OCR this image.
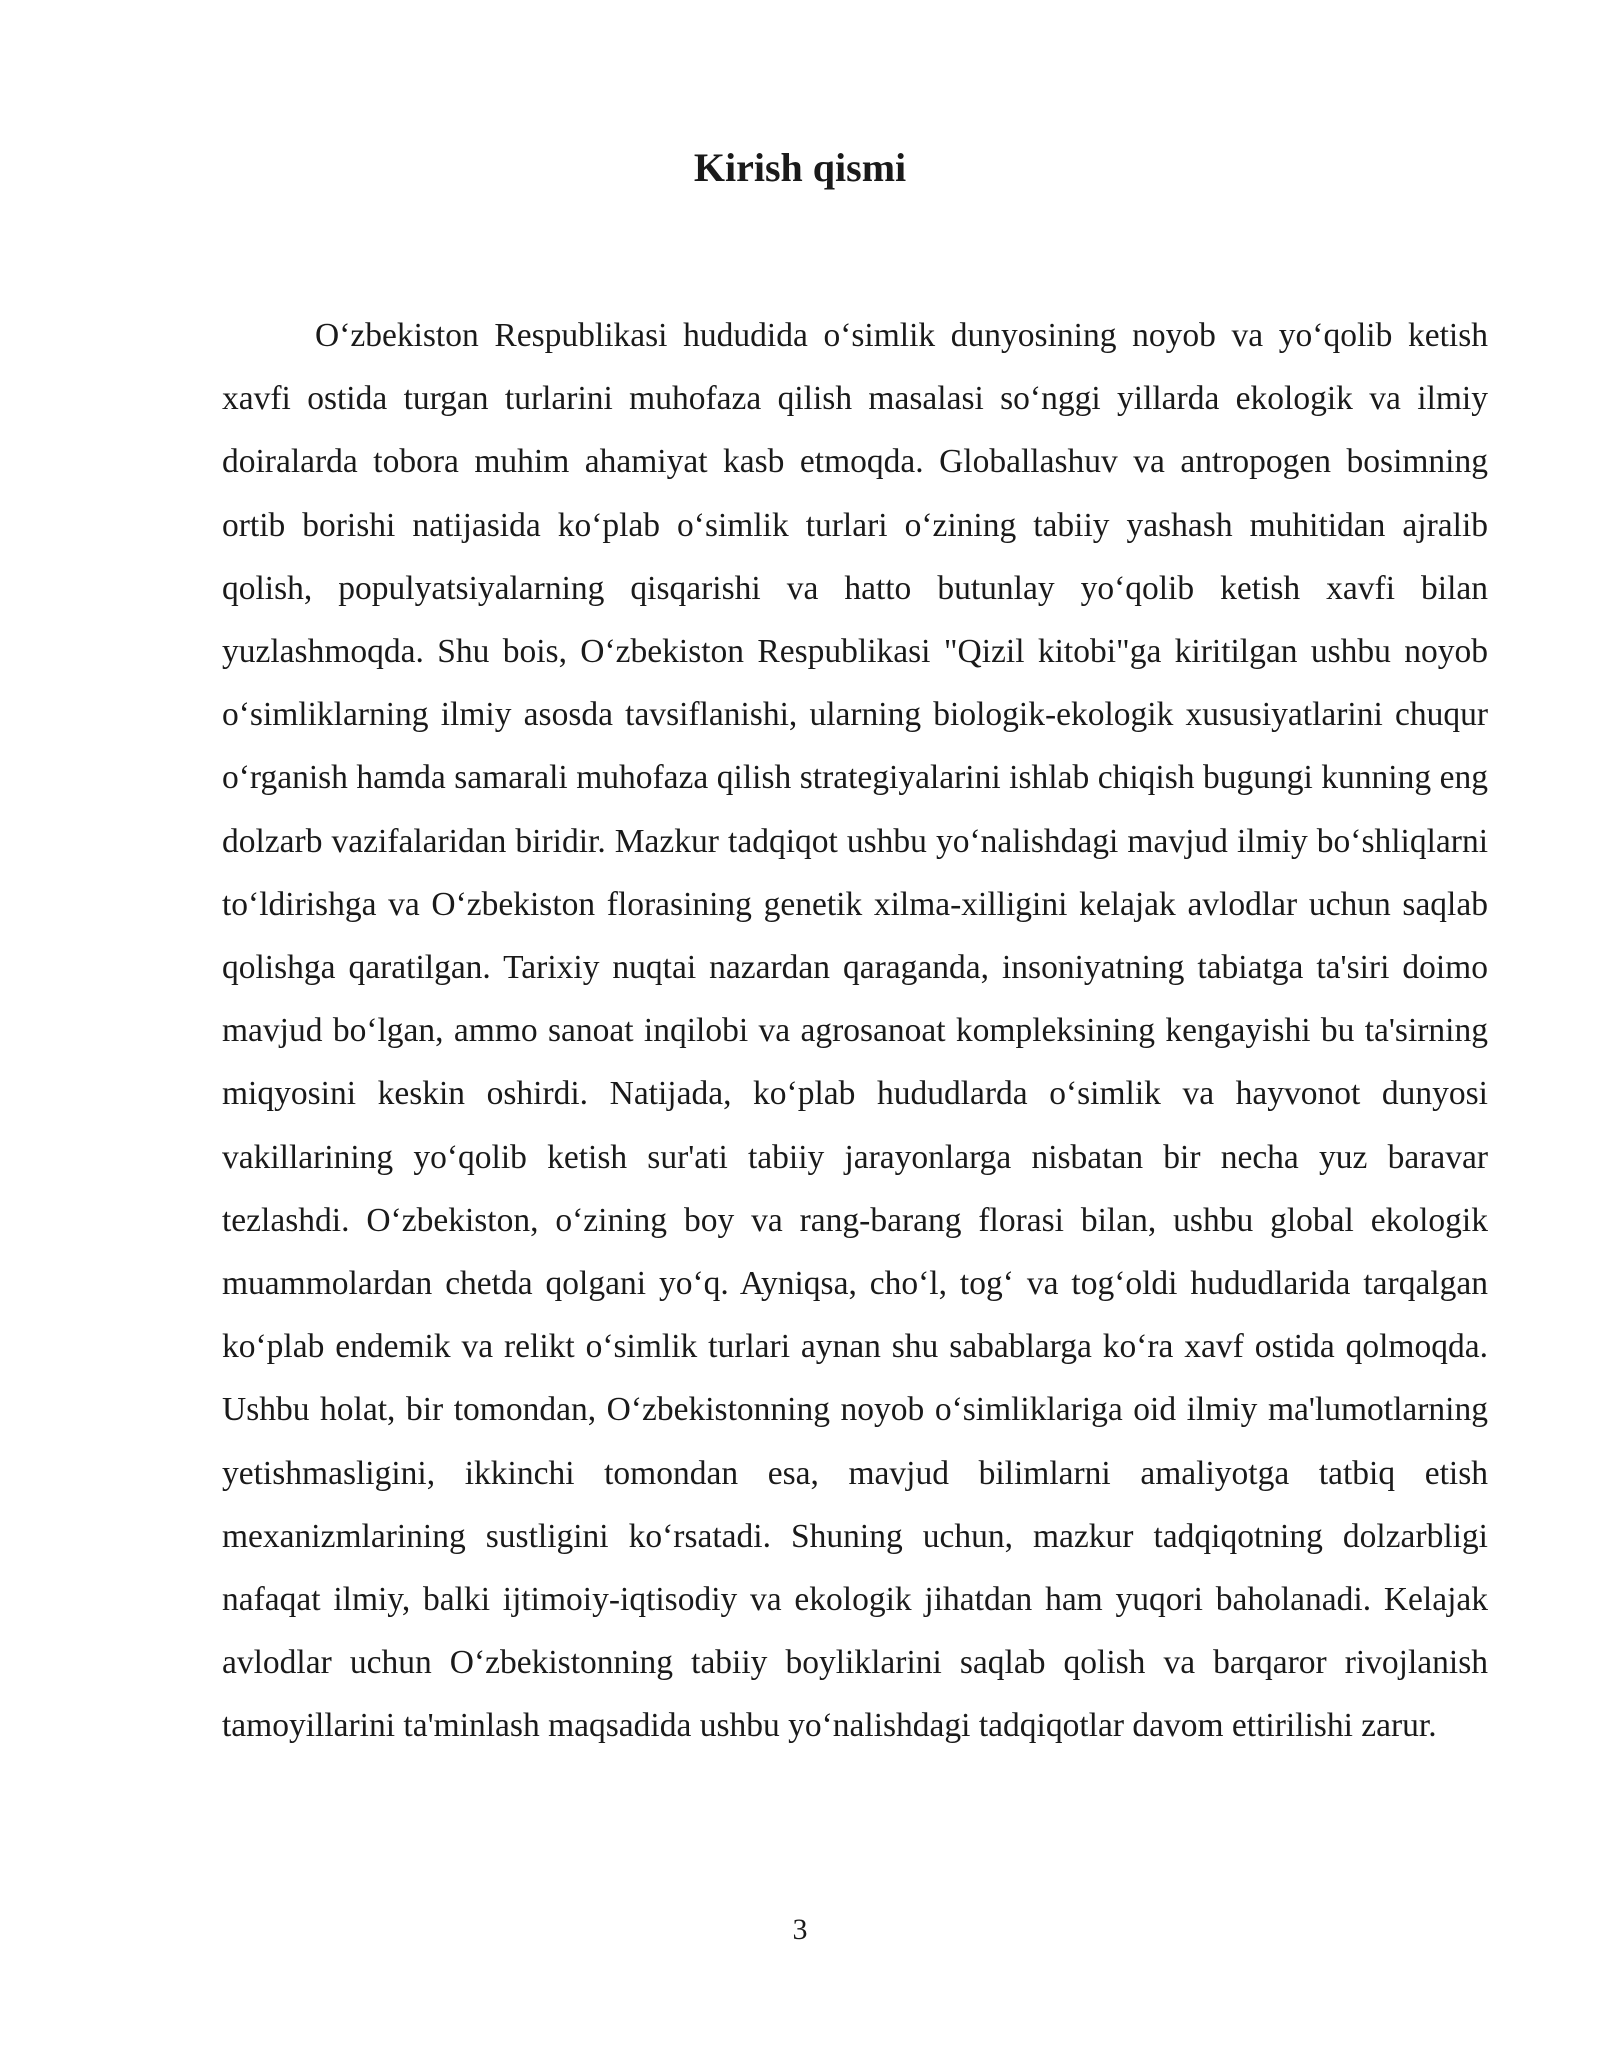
Kirish qismi

O‘zbekiston Respublikasi hududida o‘simlik dunyosining noyob va yo‘qolib ketish xavfi ostida turgan turlarini muhofaza qilish masalasi so‘nggi yillarda ekologik va ilmiy doiralarda tobora muhim ahamiyat kasb etmoqda. Globallashuv va antropogen bosimning ortib borishi natijasida ko‘plab o‘simlik turlari o‘zining tabiiy yashash muhitidan ajralib qolish, populyatsiyalarning qisqarishi va hatto butunlay yo‘qolib ketish xavfi bilan yuzlashmoqda. Shu bois, O‘zbekiston Respublikasi "Qizil kitobi"ga kiritilgan ushbu noyob o‘simliklarning ilmiy asosda tavsiflanishi, ularning biologik-ekologik xususiyatlarini chuqur o‘rganish hamda samarali muhofaza qilish strategiyalarini ishlab chiqish bugungi kunning eng dolzarb vazifalaridan biridir. Mazkur tadqiqot ushbu yo‘nalishdagi mavjud ilmiy bo‘shliqlarni to‘ldirishga va O‘zbekiston florasining genetik xilma-xilligini kelajak avlodlar uchun saqlab qolishga qaratilgan. Tarixiy nuqtai nazardan qaraganda, insoniyatning tabiatga ta'siri doimo mavjud bo‘lgan, ammo sanoat inqilobi va agrosanoat kompleksining kengayishi bu ta'sirning miqyosini keskin oshirdi. Natijada, ko‘plab hududlarda o‘simlik va hayvonot dunyosi vakillarining yo‘qolib ketish sur'ati tabiiy jarayonlarga nisbatan bir necha yuz baravar tezlashdi. O‘zbekiston, o‘zining boy va rang-barang florasi bilan, ushbu global ekologik muammolardan chetda qolgani yo‘q. Ayniqsa, cho‘l, tog‘ va tog‘oldi hududlarida tarqalgan ko‘plab endemik va relikt o‘simlik turlari aynan shu sabablarga ko‘ra xavf ostida qolmoqda. Ushbu holat, bir tomondan, O‘zbekistonning noyob o‘simliklariga oid ilmiy ma'lumotlarning yetishmasligini, ikkinchi tomondan esa, mavjud bilimlarni amaliyotga tatbiq etish mexanizmlarining sustligini ko‘rsatadi. Shuning uchun, mazkur tadqiqotning dolzarbligi nafaqat ilmiy, balki ijtimoiy-iqtisodiy va ekologik jihatdan ham yuqori baholanadi. Kelajak avlodlar uchun O‘zbekistonning tabiiy boyliklarini saqlab qolish va barqaror rivojlanish tamoyillarini ta'minlash maqsadida ushbu yo‘nalishdagi tadqiqotlar davom ettirilishi zarur.

3
